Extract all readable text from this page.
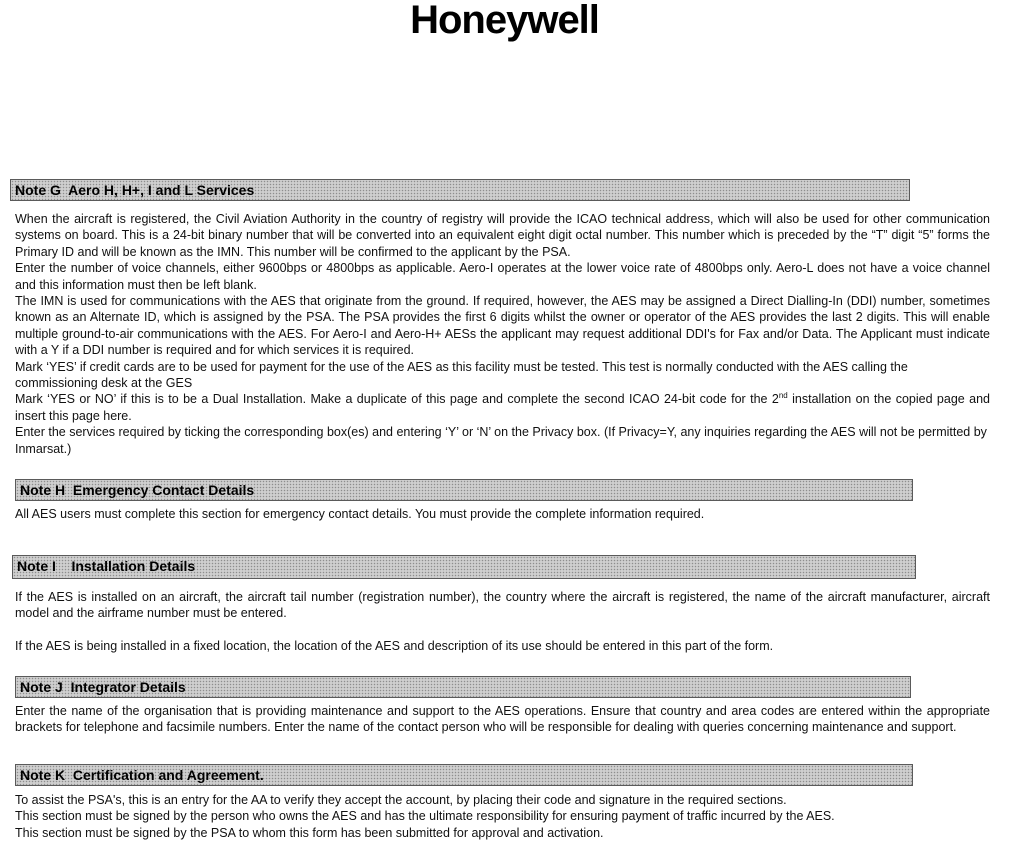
Honeywell
Note G  Aero H, H+, I and L Services

When the aircraft is registered, the Civil Aviation Authority in the country of registry will provide the ICAO technical address, which will also be used for other communication systems on board. This is a 24-bit binary number that will be converted into an equivalent eight digit octal number. This number which is preceded by the “T” digit “5” forms the Primary ID and will be known as the IMN. This number will be confirmed to the applicant by the PSA.

Enter the number of voice channels, either 9600bps or 4800bps as applicable. Aero-I operates at the lower voice rate of 4800bps only. Aero-L does not have a voice channel and this information must then be left blank.

The IMN is used for communications with the AES that originate from the ground. If required, however, the AES may be assigned a Direct Dialling-In (DDI) number, sometimes known as an Alternate ID, which is assigned by the PSA. The PSA provides the first 6 digits whilst the owner or operator of the AES provides the last 2 digits. This will enable multiple ground-to-air communications with the AES. For Aero-I and Aero-H+ AESs the applicant may request additional DDI's for Fax and/or Data. The Applicant must indicate with a Y if a DDI number is required and for which services it is required.

Mark ‘YES’ if credit cards are to be used for payment for the use of the AES as this facility must be tested. This test is normally conducted with the AES calling the commissioning desk at the GES

Mark ‘YES or NO’ if this is to be a Dual Installation. Make a duplicate of this page and complete the second ICAO 24-bit code for the 2nd installation on the copied page and insert this page here.

Enter the services required by ticking the corresponding box(es) and entering ‘Y’ or ‘N’ on the Privacy box. (If Privacy=Y, any inquiries regarding the AES will not be permitted by Inmarsat.)

Note H  Emergency Contact Details

All AES users must complete this section for emergency contact details. You must provide the complete information required.

Note I    Installation Details

If the AES is installed on an aircraft, the aircraft tail number (registration number), the country where the aircraft is registered, the name of the aircraft manufacturer, aircraft model and the airframe number must be entered.

If the AES is being installed in a fixed location, the location of the AES and description of its use should be entered in this part of the form.

Note J  Integrator Details

Enter the name of the organisation that is providing maintenance and support to the AES operations. Ensure that country and area codes are entered within the appropriate brackets for telephone and facsimile numbers. Enter the name of the contact person who will be responsible for dealing with queries concerning maintenance and support.

Note K  Certification and Agreement.

To assist the PSA's, this is an entry for the AA to verify they accept the account, by placing their code and signature in the required sections.

This section must be signed by the person who owns the AES and has the ultimate responsibility for ensuring payment of traffic incurred by the AES.

This section must be signed by the PSA to whom this form has been submitted for approval and activation.
